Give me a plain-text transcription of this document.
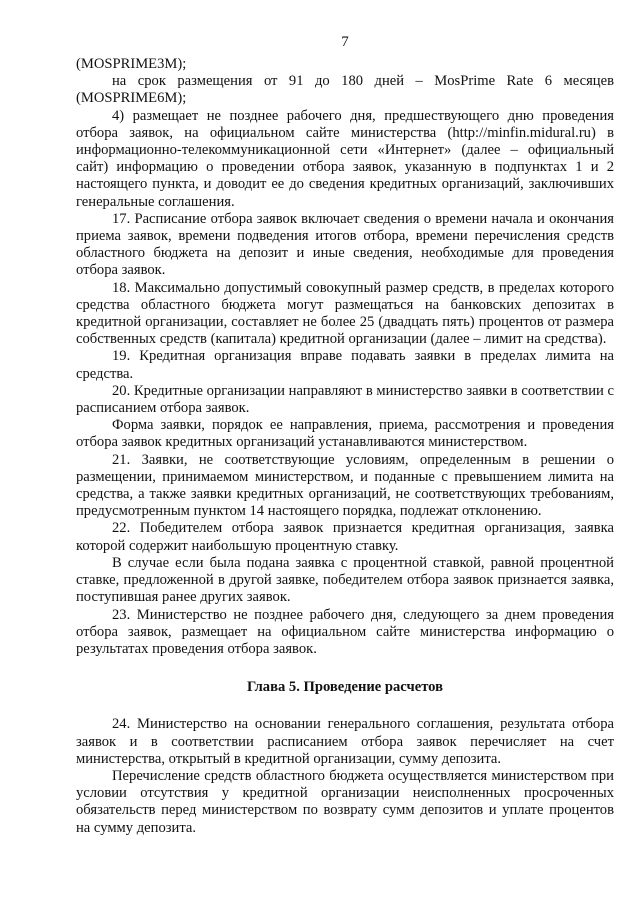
7

(MOSPRIME3M);

на срок размещения от 91 до 180 дней – MosPrime Rate 6 месяцев (MOSPRIME6M);

4) размещает не позднее рабочего дня, предшествующего дню проведения отбора заявок, на официальном сайте министерства (http://minfin.midural.ru) в информационно-телекоммуникационной сети «Интернет» (далее – официальный сайт) информацию о проведении отбора заявок, указанную в подпунктах 1 и 2 настоящего пункта, и доводит ее до сведения кредитных организаций, заключивших генеральные соглашения.

17. Расписание отбора заявок включает сведения о времени начала и окончания приема заявок, времени подведения итогов отбора, времени перечисления средств областного бюджета на депозит и иные сведения, необходимые для проведения отбора заявок.

18. Максимально допустимый совокупный размер средств, в пределах которого средства областного бюджета могут размещаться на банковских депозитах в кредитной организации, составляет не более 25 (двадцать пять) процентов от размера собственных средств (капитала) кредитной организации (далее – лимит на средства).

19. Кредитная организация вправе подавать заявки в пределах лимита на средства.

20. Кредитные организации направляют в министерство заявки в соответствии с расписанием отбора заявок.

Форма заявки, порядок ее направления, приема, рассмотрения и проведения отбора заявок кредитных организаций устанавливаются министерством.

21. Заявки, не соответствующие условиям, определенным в решении о размещении, принимаемом министерством, и поданные с превышением лимита на средства, а также заявки кредитных организаций, не соответствующих требованиям, предусмотренным пунктом 14 настоящего порядка, подлежат отклонению.

22. Победителем отбора заявок признается кредитная организация, заявка которой содержит наибольшую процентную ставку.

В случае если была подана заявка с процентной ставкой, равной процентной ставке, предложенной в другой заявке, победителем отбора заявок признается заявка, поступившая ранее других заявок.

23. Министерство не позднее рабочего дня, следующего за днем проведения отбора заявок, размещает на официальном сайте министерства информацию о результатах проведения отбора заявок.

Глава 5. Проведение расчетов

24. Министерство на основании генерального соглашения, результата отбора заявок и в соответствии расписанием отбора заявок перечисляет на счет министерства, открытый в кредитной организации, сумму депозита.

Перечисление средств областного бюджета осуществляется министерством при условии отсутствия у кредитной организации неисполненных просроченных обязательств перед министерством по возврату сумм депозитов и уплате процентов на сумму депозита.
